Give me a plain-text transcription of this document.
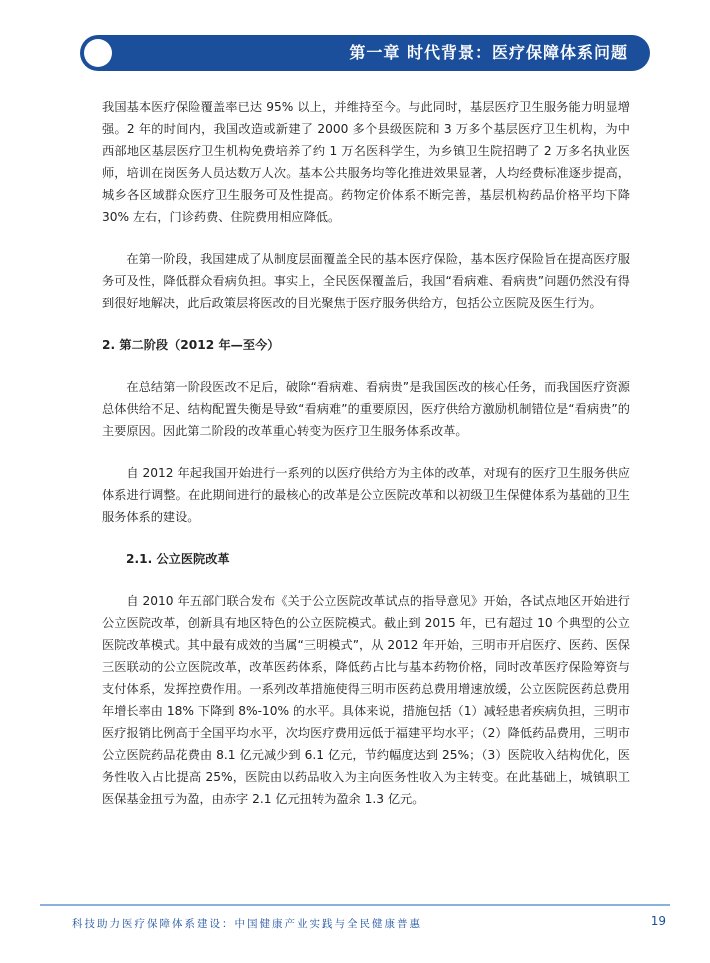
第一章 时代背景：医疗保障体系问题

我国基本医疗保险覆盖率已达 95% 以上，并维持至今。与此同时，基层医疗卫生服务能力明显增强。2 年的时间内，我国改造或新建了 2000 多个县级医院和 3 万多个基层医疗卫生机构，为中西部地区基层医疗卫生机构免费培养了约 1 万名医科学生，为乡镇卫生院招聘了 2 万多名执业医师，培训在岗医务人员达数万人次。基本公共服务均等化推进效果显著，人均经费标准逐步提高，城乡各区域群众医疗卫生服务可及性提高。药物定价体系不断完善，基层机构药品价格平均下降 30% 左右，门诊药费、住院费用相应降低。

在第一阶段，我国建成了从制度层面覆盖全民的基本医疗保险，基本医疗保险旨在提高医疗服务可及性，降低群众看病负担。事实上，全民医保覆盖后，我国“看病难、看病贵”问题仍然没有得到很好地解决，此后政策层将医改的目光聚焦于医疗服务供给方，包括公立医院及医生行为。

2. 第二阶段（2012 年—至今）

在总结第一阶段医改不足后，破除“看病难、看病贵”是我国医改的核心任务，而我国医疗资源总体供给不足、结构配置失衡是导致“看病难”的重要原因，医疗供给方激励机制错位是“看病贵”的主要原因。因此第二阶段的改革重心转变为医疗卫生服务体系改革。

自 2012 年起我国开始进行一系列的以医疗供给方为主体的改革，对现有的医疗卫生服务供应体系进行调整。在此期间进行的最核心的改革是公立医院改革和以初级卫生保健体系为基础的卫生服务体系的建设。

2.1. 公立医院改革

自 2010 年五部门联合发布《关于公立医院改革试点的指导意见》开始，各试点地区开始进行公立医院改革，创新具有地区特色的公立医院模式。截止到 2015 年，已有超过 10 个典型的公立医院改革模式。其中最有成效的当属“三明模式”，从 2012 年开始，三明市开启医疗、医药、医保三医联动的公立医院改革，改革医药体系，降低药占比与基本药物价格，同时改革医疗保险筹资与支付体系，发挥控费作用。一系列改革措施使得三明市医药总费用增速放缓，公立医院医药总费用年增长率由 18% 下降到 8%-10% 的水平。具体来说，措施包括（1）减轻患者疾病负担，三明市医疗报销比例高于全国平均水平，次均医疗费用远低于福建平均水平；（2）降低药品费用，三明市公立医院药品花费由 8.1 亿元减少到 6.1 亿元，节约幅度达到 25%；（3）医院收入结构优化，医务性收入占比提高 25%，医院由以药品收入为主向医务性收入为主转变。在此基础上，城镇职工医保基金扭亏为盈，由赤字 2.1 亿元扭转为盈余 1.3 亿元。

科技助力医疗保障体系建设：中国健康产业实践与全民健康普惠	19
